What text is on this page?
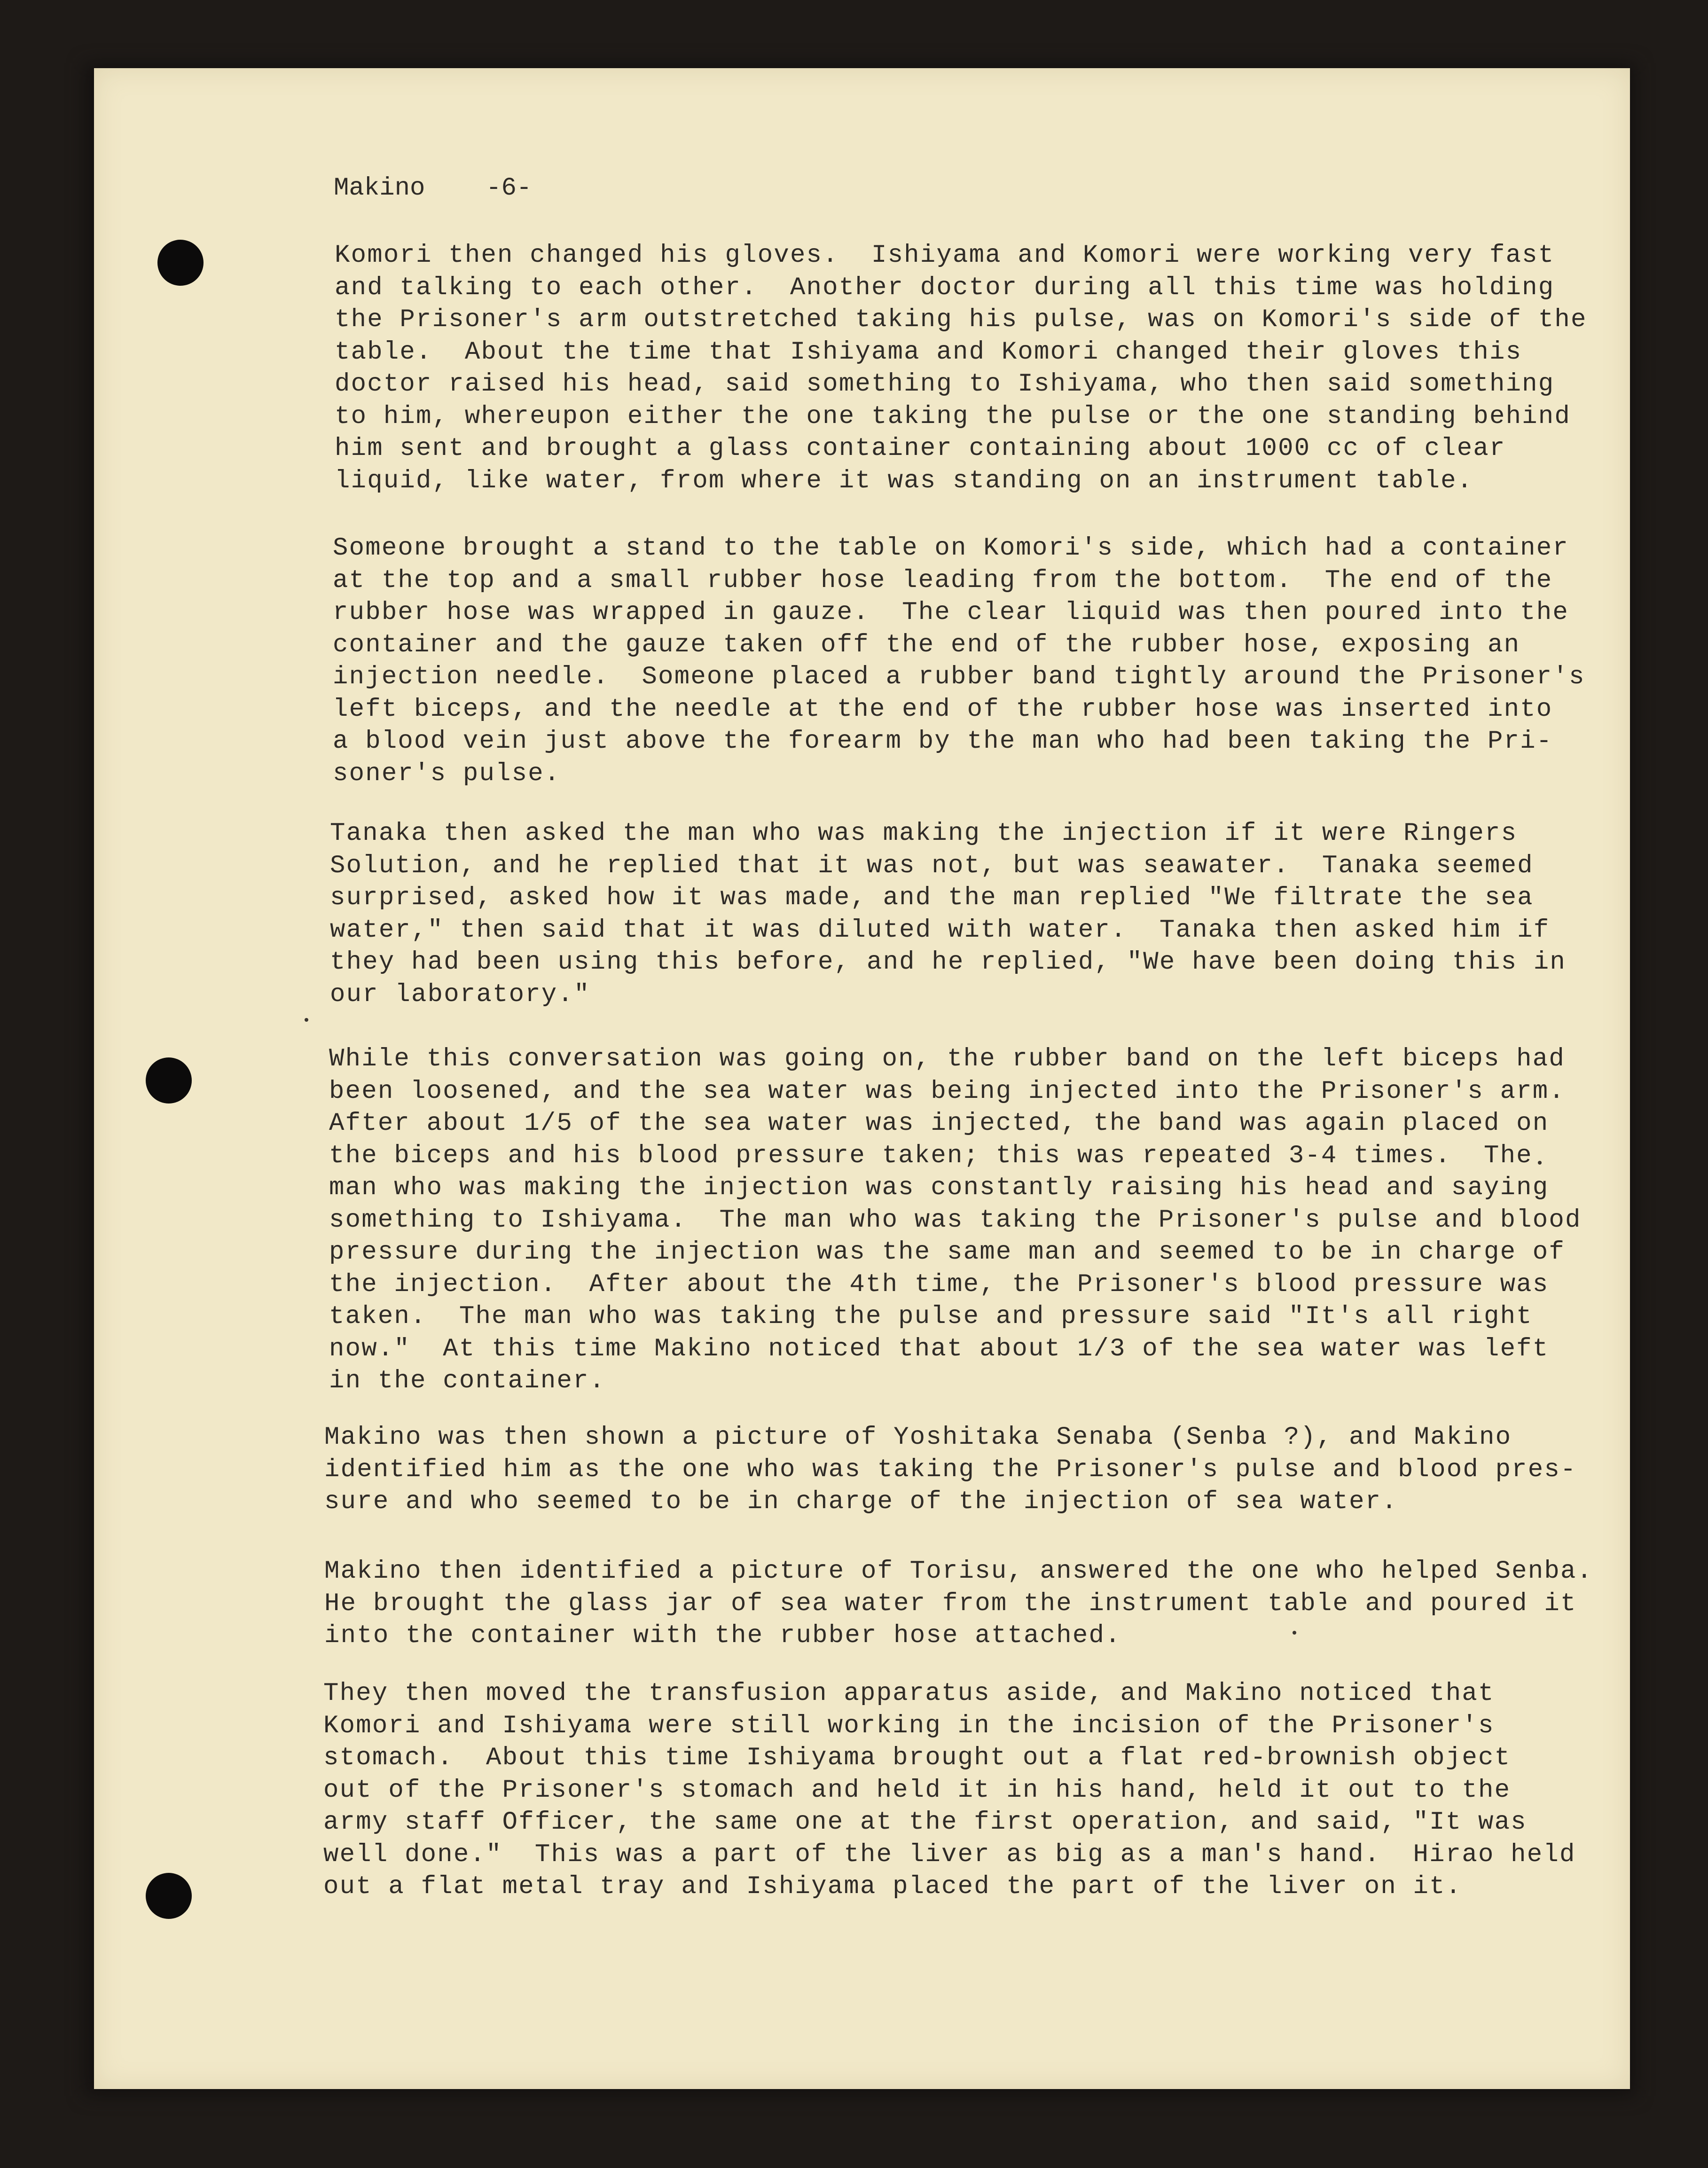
Makino -6-
Komori then changed his gloves.  Ishiyama and Komori were working very fast
and talking to each other.  Another doctor during all this time was holding
the Prisoner's arm outstretched taking his pulse, was on Komori's side of the
table.  About the time that Ishiyama and Komori changed their gloves this
doctor raised his head, said something to Ishiyama, who then said something
to him, whereupon either the one taking the pulse or the one standing behind
him sent and brought a glass container containing about 1000 cc of clear
liquid, like water, from where it was standing on an instrument table.
Someone brought a stand to the table on Komori's side, which had a container
at the top and a small rubber hose leading from the bottom.  The end of the
rubber hose was wrapped in gauze.  The clear liquid was then poured into the
container and the gauze taken off the end of the rubber hose, exposing an
injection needle.  Someone placed a rubber band tightly around the Prisoner's
left biceps, and the needle at the end of the rubber hose was inserted into
a blood vein just above the forearm by the man who had been taking the Pri-
soner's pulse.
Tanaka then asked the man who was making the injection if it were Ringers
Solution, and he replied that it was not, but was seawater.  Tanaka seemed
surprised, asked how it was made, and the man replied "We filtrate the sea
water," then said that it was diluted with water.  Tanaka then asked him if
they had been using this before, and he replied, "We have been doing this in
our laboratory."
While this conversation was going on, the rubber band on the left biceps had
been loosened, and the sea water was being injected into the Prisoner's arm.
After about 1/5 of the sea water was injected, the band was again placed on
the biceps and his blood pressure taken; this was repeated 3-4 times.  The
man who was making the injection was constantly raising his head and saying
something to Ishiyama.  The man who was taking the Prisoner's pulse and blood
pressure during the injection was the same man and seemed to be in charge of
the injection.  After about the 4th time, the Prisoner's blood pressure was
taken.  The man who was taking the pulse and pressure said "It's all right
now."  At this time Makino noticed that about 1/3 of the sea water was left
in the container.
Makino was then shown a picture of Yoshitaka Senaba (Senba ?), and Makino
identified him as the one who was taking the Prisoner's pulse and blood pres-
sure and who seemed to be in charge of the injection of sea water.
Makino then identified a picture of Torisu, answered the one who helped Senba.
He brought the glass jar of sea water from the instrument table and poured it
into the container with the rubber hose attached.
They then moved the transfusion apparatus aside, and Makino noticed that
Komori and Ishiyama were still working in the incision of the Prisoner's
stomach.  About this time Ishiyama brought out a flat red-brownish object
out of the Prisoner's stomach and held it in his hand, held it out to the
army staff Officer, the same one at the first operation, and said, "It was
well done."  This was a part of the liver as big as a man's hand.  Hirao held
out a flat metal tray and Ishiyama placed the part of the liver on it.
